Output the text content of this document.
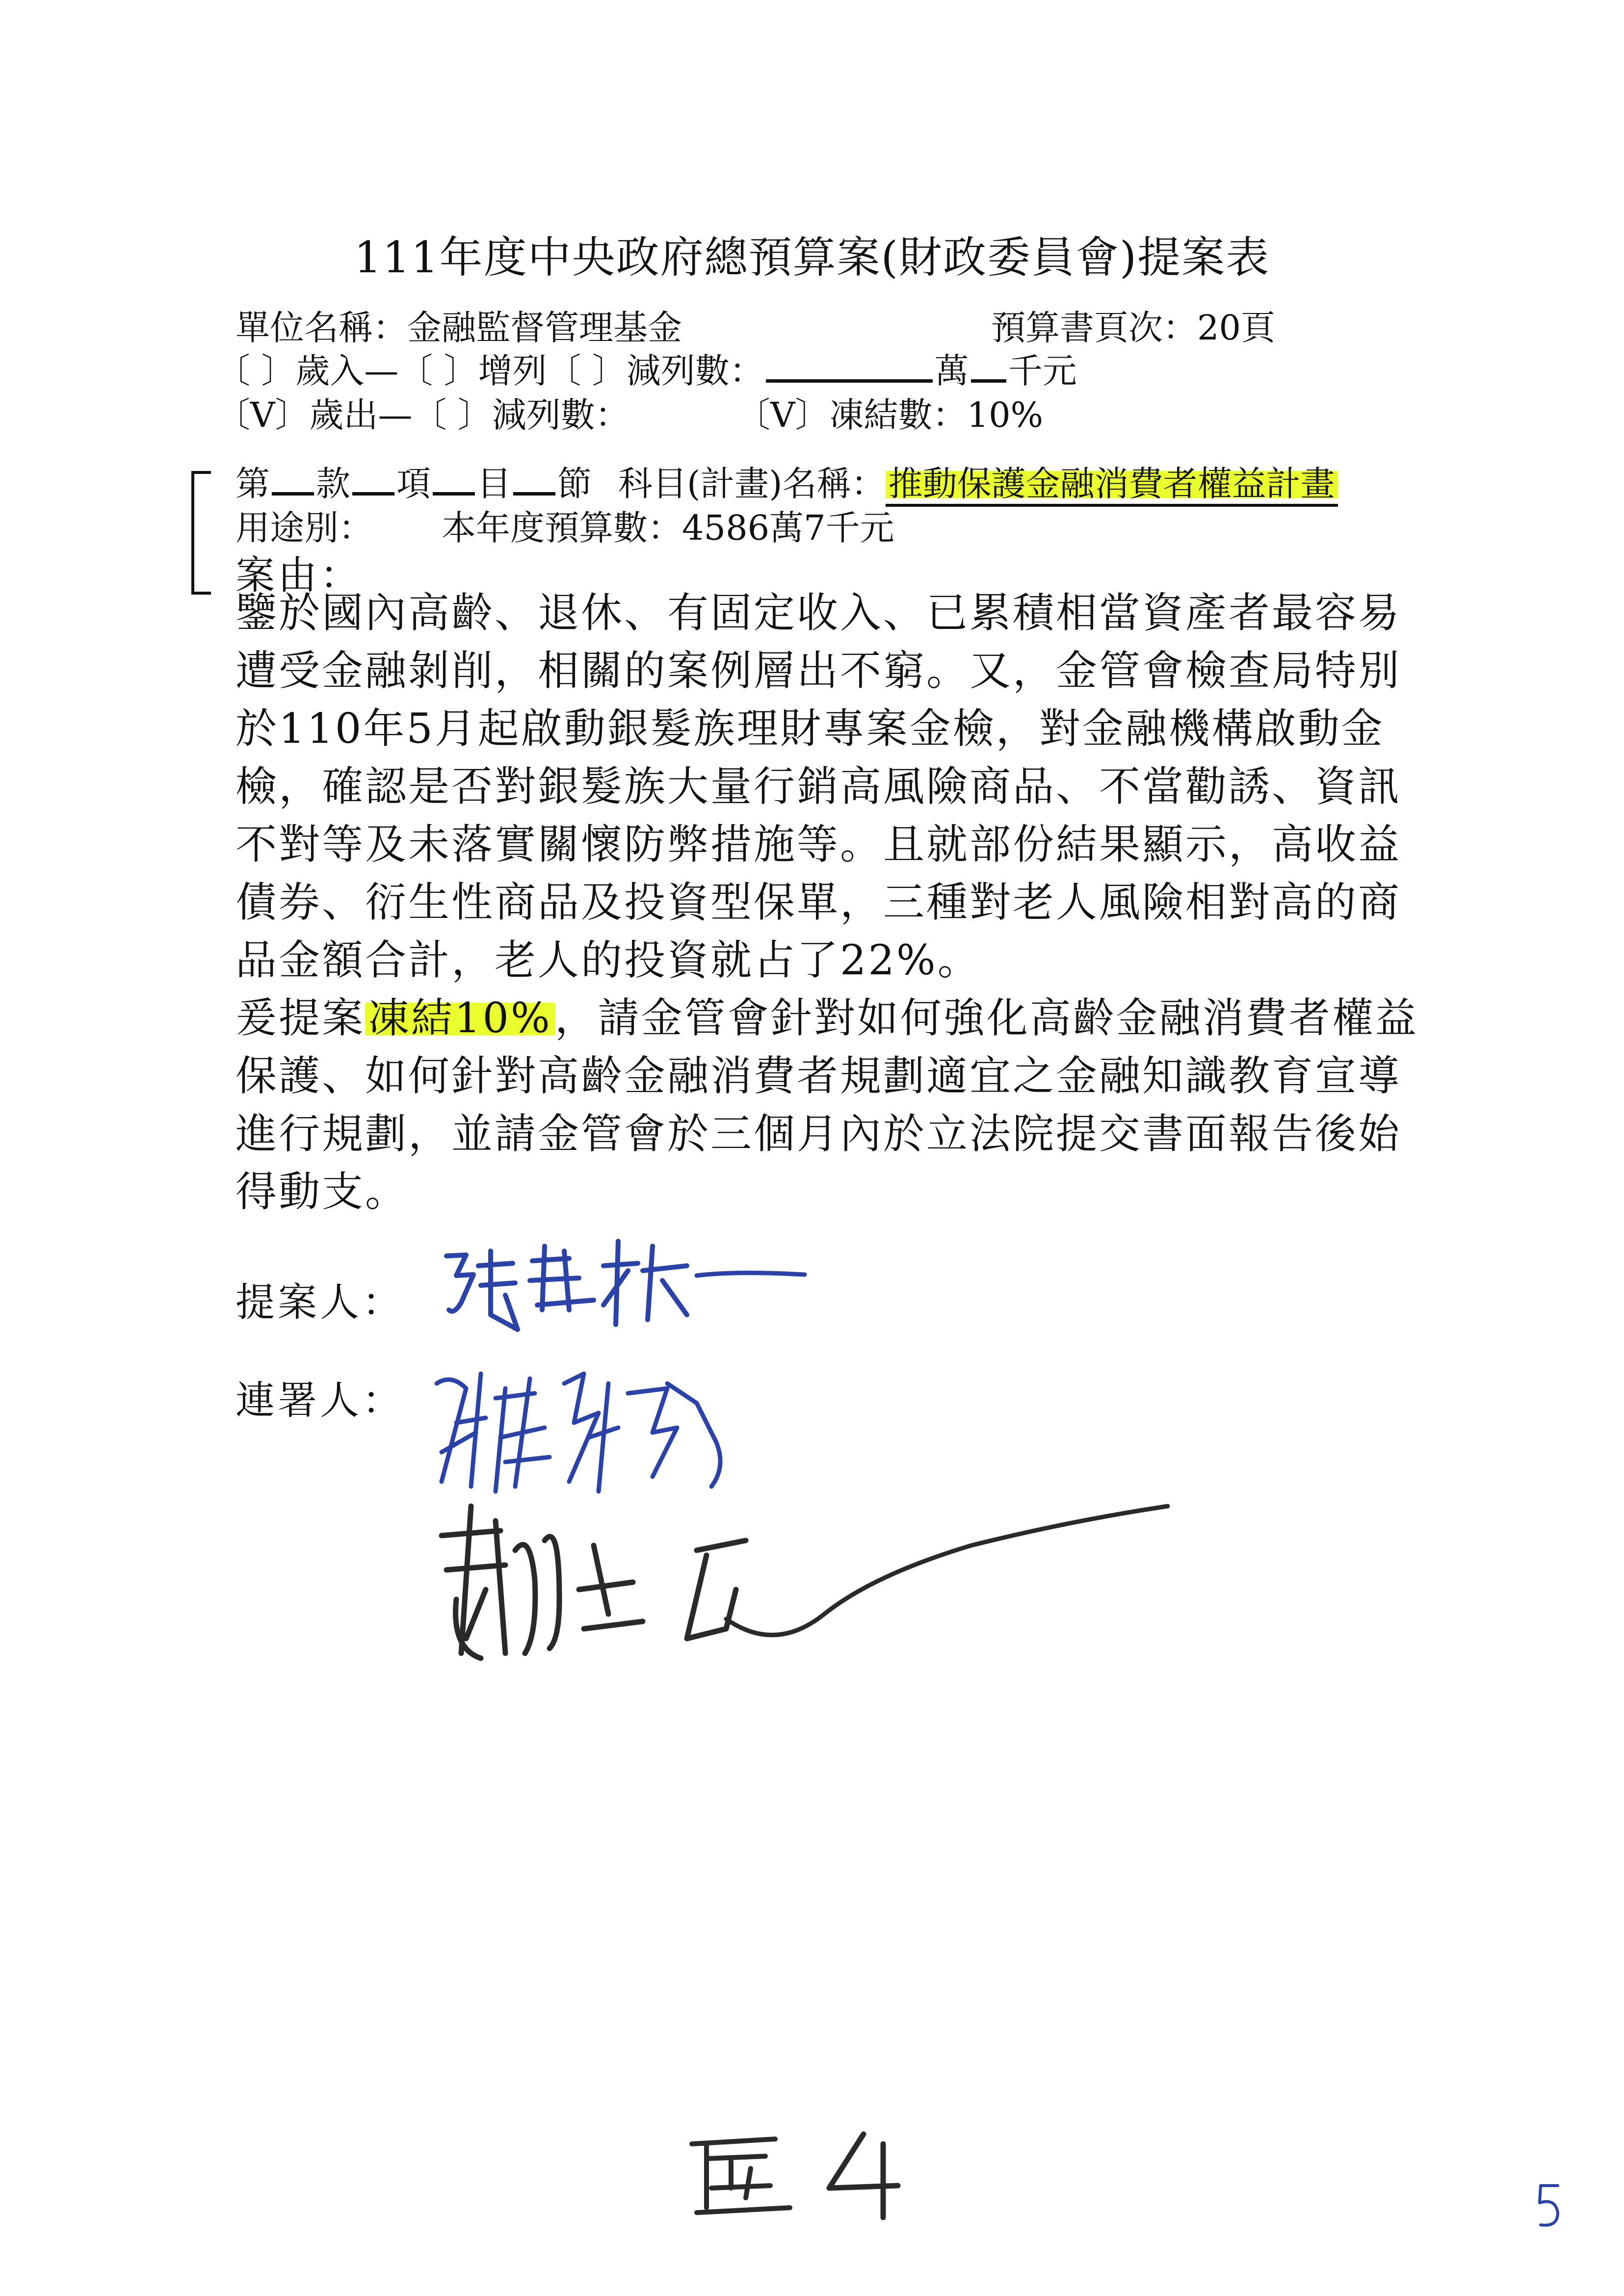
111年度中央政府總預算案(財政委員會)提案表
單位名稱：金融監督管理基金	預算書頁次：20頁
〔 〕歲入—〔 〕增列〔 〕減列數：	萬 千元
〔V〕歲出—〔 〕減列數：	〔V〕凍結數：10%
第 款 項 目 節 科目(計畫)名稱：推動保護金融消費者權益計畫
用途別： 本年度預算數：4586萬7千元
案由：

鑒於國內高齡、退休、有固定收入、已累積相當資產者最容易遭受金融剝削，相關的案例層出不窮。又，金管會檢查局特別於110年5月起啟動銀髮族理財專案金檢，對金融機構啟動金檢，確認是否對銀髮族大量行銷高風險商品、不當勸誘、資訊不對等及未落實關懷防弊措施等。且就部份結果顯示，高收益債券、衍生性商品及投資型保單，三種對老人風險相對高的商品金額合計，老人的投資就占了22%。

爰提案凍結10%，請金管會針對如何強化高齡金融消費者權益保護、如何針對高齡金融消費者規劃適宜之金融知識教育宣導進行規劃，並請金管會於三個月內於立法院提交書面報告後始得動支。

提案人：
連署人：
